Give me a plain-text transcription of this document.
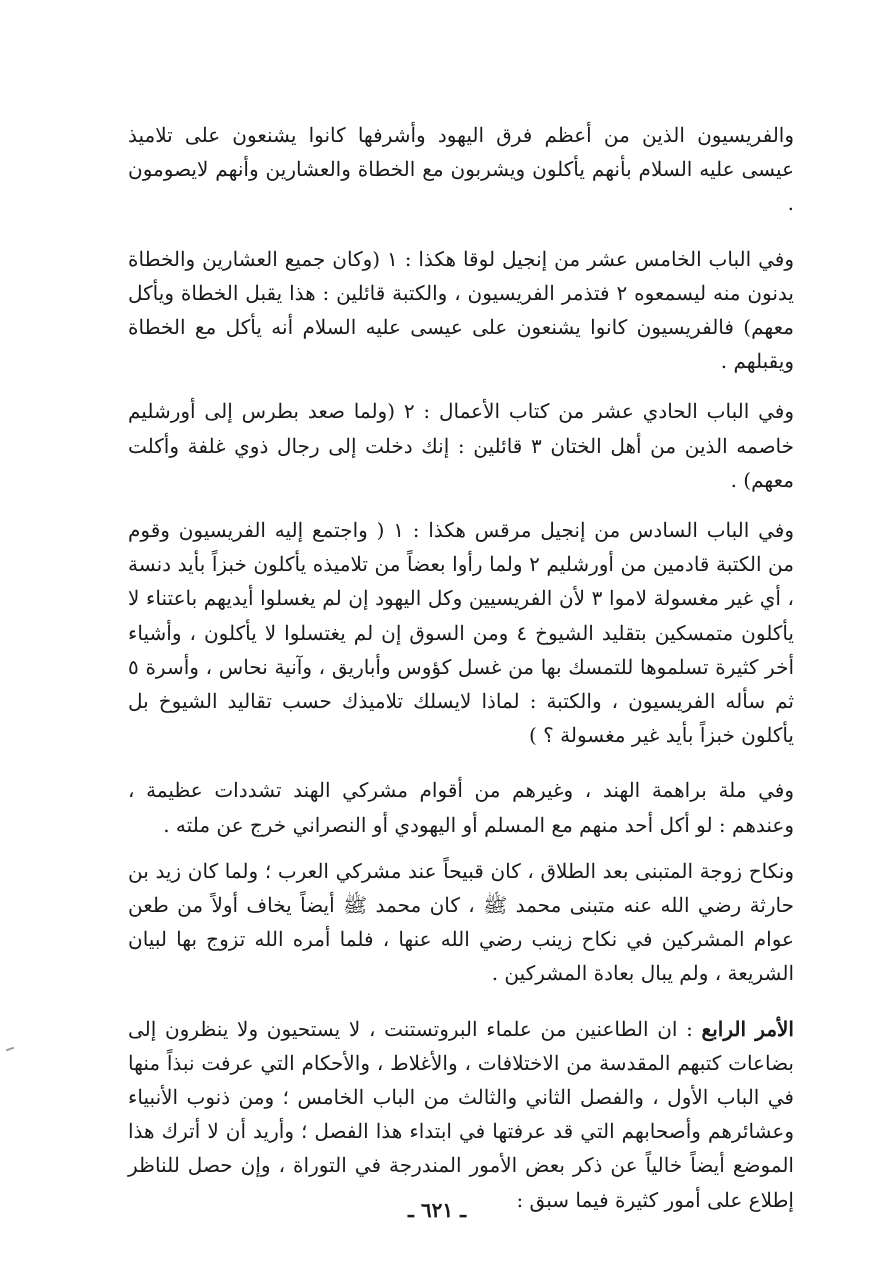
والفريسيون الذين من أعظم فرق اليهود وأشرفها كانوا يشنعون على تلاميذ عيسى عليه السلام بأنهم يأكلون ويشربون مع الخطاة والعشارين وأنهم لايصومون .

وفي الباب الخامس عشر من إنجيل لوقا هكذا : ١ (وكان جميع العشارين والخطاة يدنون منه ليسمعوه ٢ فتذمر الفريسيون ، والكتبة قائلين : هذا يقبل الخطاة ويأكل معهم) فالفريسيون كانوا يشنعون على عيسى عليه السلام أنه يأكل مع الخطاة ويقبلهم .

وفي الباب الحادي عشر من كتاب الأعمال : ٢ (ولما صعد بطرس إلى أورشليم خاصمه الذين من أهل الختان ٣ قائلين : إنك دخلت إلى رجال ذوي غلفة وأكلت معهم) .

وفي الباب السادس من إنجيل مرقس هكذا : ١ ( واجتمع إليه الفريسيون وقوم من الكتبة قادمين من أورشليم ٢ ولما رأوا بعضاً من تلاميذه يأكلون خبزاً بأيد دنسة ، أي غير مغسولة لاموا ٣ لأن الفريسيين وكل اليهود إن لم يغسلوا أيديهم باعتناء لا يأكلون متمسكين بتقليد الشيوخ ٤ ومن السوق إن لم يغتسلوا لا يأكلون ، وأشياء أخر كثيرة تسلموها للتمسك بها من غسل كؤوس وأباريق ، وآنية نحاس ، وأسرة ٥ ثم سأله الفريسيون ، والكتبة : لماذا لايسلك تلاميذك حسب تقاليد الشيوخ بل يأكلون خبزاً بأيد غير مغسولة ؟ )

وفي ملة براهمة الهند ، وغيرهم من أقوام مشركي الهند تشددات عظيمة ، وعندهم : لو أكل أحد منهم مع المسلم أو اليهودي أو النصراني خرج عن ملته .

ونكاح زوجة المتبنى بعد الطلاق ، كان قبيحاً عند مشركي العرب ؛ ولما كان زيد بن حارثة رضي الله عنه متبنى محمد ﷺ ، كان محمد ﷺ أيضاً يخاف أولاً من طعن عوام المشركين في نكاح زينب رضي الله عنها ، فلما أمره الله تزوج بها لبيان الشريعة ، ولم يبال بعادة المشركين .

الأمر الرابع : ان الطاعنين من علماء البروتستنت ، لا يستحيون ولا ينظرون إلى بضاعات كتبهم المقدسة من الاختلافات ، والأغلاط ، والأحكام التي عرفت نبذاً منها في الباب الأول ، والفصل الثاني والثالث من الباب الخامس ؛ ومن ذنوب الأنبياء وعشائرهم وأصحابهم التي قد عرفتها في ابتداء هذا الفصل ؛ وأريد أن لا أترك هذا الموضع أيضاً خالياً عن ذكر بعض الأمور المندرجة في التوراة ، وإن حصل للناظر إطلاع على أمور كثيرة فيما سبق :

ـ ٦٢١ ـ
